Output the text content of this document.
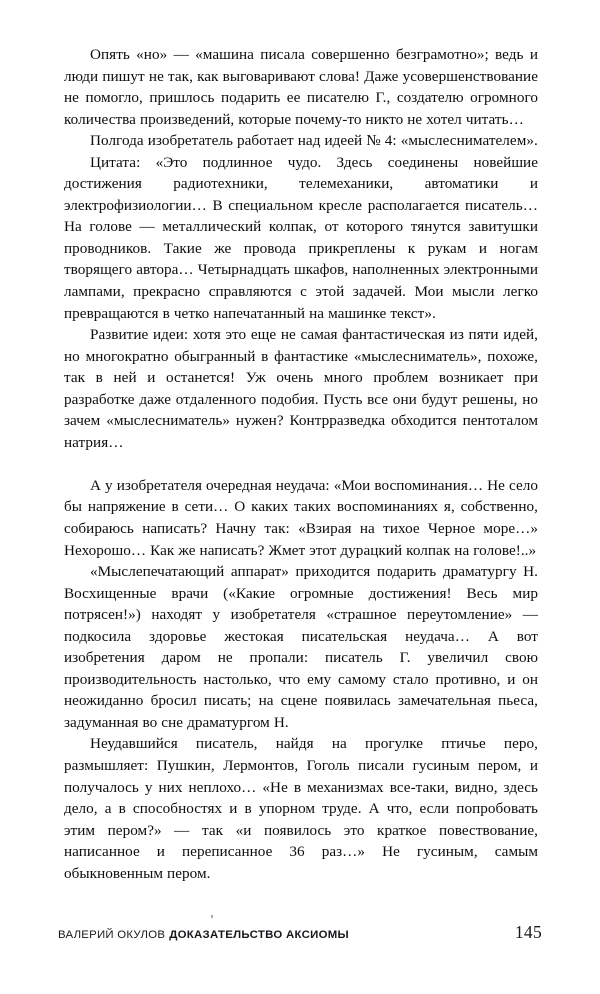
Опять «но» — «машина писала совершенно безграмотно»; ведь и люди пишут не так, как выговаривают слова! Даже усовершенствование не помогло, пришлось подарить ее писателю Г., создателю огромного количества произведений, которые почему-то никто не хотел читать…

Полгода изобретатель работает над идеей № 4: «мыслеснимателем».

Цитата: «Это подлинное чудо. Здесь соединены новейшие достижения радиотехники, телемеханики, автоматики и электрофизиологии… В специальном кресле располагается писатель… На голове — металлический колпак, от которого тянутся завитушки проводников. Такие же провода прикреплены к рукам и ногам творящего автора… Четырнадцать шкафов, наполненных электронными лампами, прекрасно справляются с этой задачей. Мои мысли легко превращаются в четко напечатанный на машинке текст».

Развитие идеи: хотя это еще не самая фантастическая из пяти идей, но многократно обыгранный в фантастике «мыслесниматель», похоже, так в ней и останется! Уж очень много проблем возникает при разработке даже отдаленного подобия. Пусть все они будут решены, но зачем «мыслесниматель» нужен? Контрразведка обходится пентоталом натрия…

А у изобретателя очередная неудача: «Мои воспоминания… Не село бы напряжение в сети… О каких таких воспоминаниях я, собственно, собираюсь написать? Начну так: «Взирая на тихое Черное море…» Нехорошо… Как же написать? Жмет этот дурацкий колпак на голове!..»

«Мыслепечатающий аппарат» приходится подарить драматургу Н. Восхищенные врачи («Какие огромные достижения! Весь мир потрясен!») находят у изобретателя «страшное переутомление» — подкосила здоровье жестокая писательская неудача… А вот изобретения даром не пропали: писатель Г. увеличил свою производительность настолько, что ему самому стало противно, и он неожиданно бросил писать; на сцене появилась замечательная пьеса, задуманная во сне драматургом Н.

Неудавшийся писатель, найдя на прогулке птичье перо, размышляет: Пушкин, Лермонтов, Гоголь писали гусиным пером, и получалось у них неплохо… «Не в механизмах все-таки, видно, здесь дело, а в способностях и в упорном труде. А что, если попробовать этим пером?» — так «и появилось это краткое повествование, написанное и переписанное 36 раз…» Не гусиным, самым обыкновенным пером.

ВАЛЕРИЙ ОКУЛОВ ДОКАЗАТЕЛЬСТВО АКСИОМЫ	145
